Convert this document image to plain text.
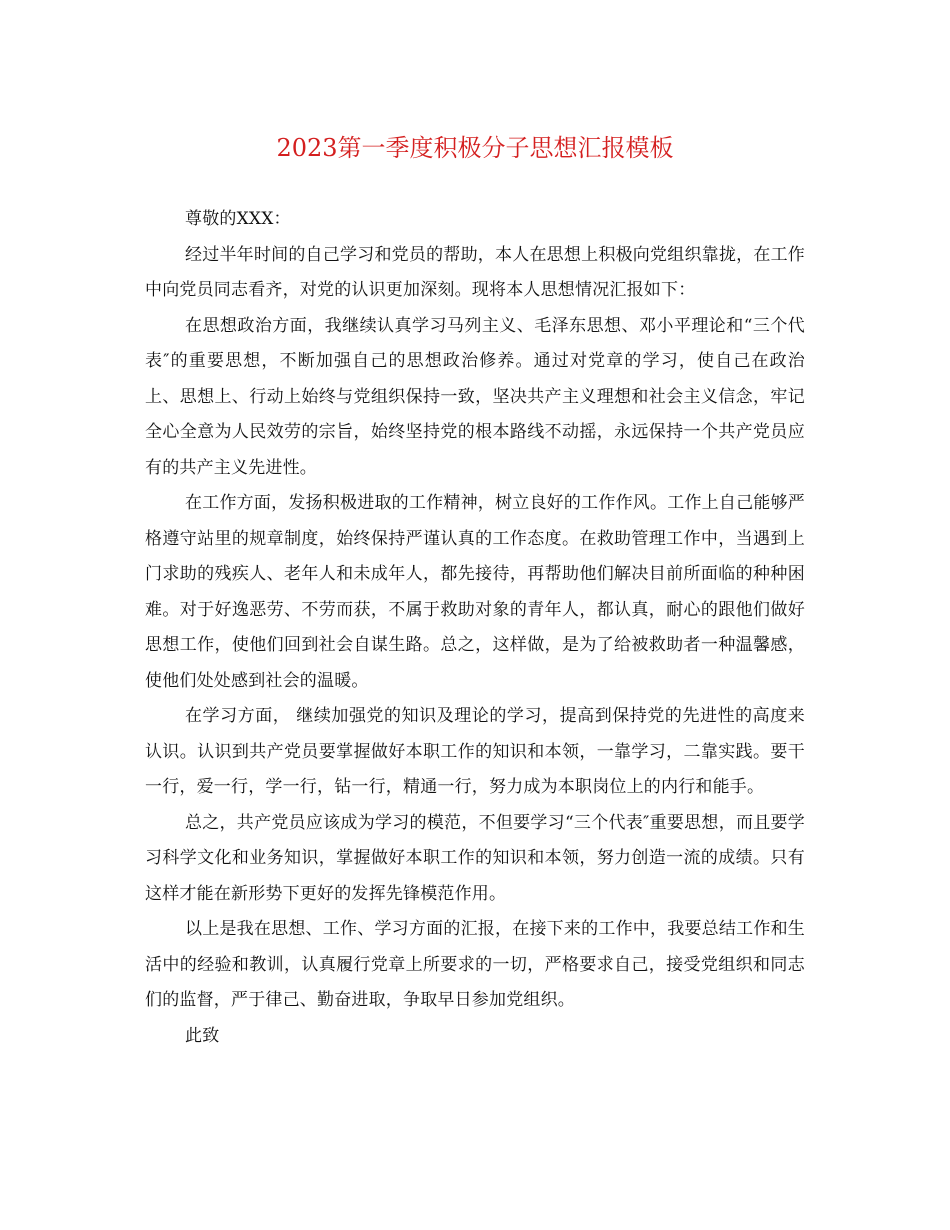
2023第一季度积极分子思想汇报模板

尊敬的XXX：

经过半年时间的自己学习和党员的帮助，本人在思想上积极向党组织靠拢，在工作中向党员同志看齐，对党的认识更加深刻。现将本人思想情况汇报如下：

在思想政治方面，我继续认真学习马列主义、毛泽东思想、邓小平理论和“三个代表″的重要思想，不断加强自己的思想政治修养。通过对党章的学习，使自己在政治上、思想上、行动上始终与党组织保持一致，坚决共产主义理想和社会主义信念，牢记全心全意为人民效劳的宗旨，始终坚持党的根本路线不动摇，永远保持一个共产党员应有的共产主义先进性。

在工作方面，发扬积极进取的工作精神，树立良好的工作作风。工作上自己能够严格遵守站里的规章制度，始终保持严谨认真的工作态度。在救助管理工作中，当遇到上门求助的残疾人、老年人和未成年人，都先接待，再帮助他们解决目前所面临的种种困难。对于好逸恶劳、不劳而获，不属于救助对象的青年人，都认真，耐心的跟他们做好思想工作，使他们回到社会自谋生路。总之，这样做，是为了给被救助者一种温馨感，使他们处处感到社会的温暖。

在学习方面， 继续加强党的知识及理论的学习，提高到保持党的先进性的高度来认识。认识到共产党员要掌握做好本职工作的知识和本领，一靠学习，二靠实践。要干一行，爱一行，学一行，钻一行，精通一行，努力成为本职岗位上的内行和能手。

总之，共产党员应该成为学习的模范，不但要学习“三个代表″重要思想，而且要学习科学文化和业务知识，掌握做好本职工作的知识和本领，努力创造一流的成绩。只有这样才能在新形势下更好的发挥先锋模范作用。

以上是我在思想、工作、学习方面的汇报，在接下来的工作中，我要总结工作和生活中的经验和教训，认真履行党章上所要求的一切，严格要求自己，接受党组织和同志们的监督，严于律己、勤奋进取，争取早日参加党组织。

此致
